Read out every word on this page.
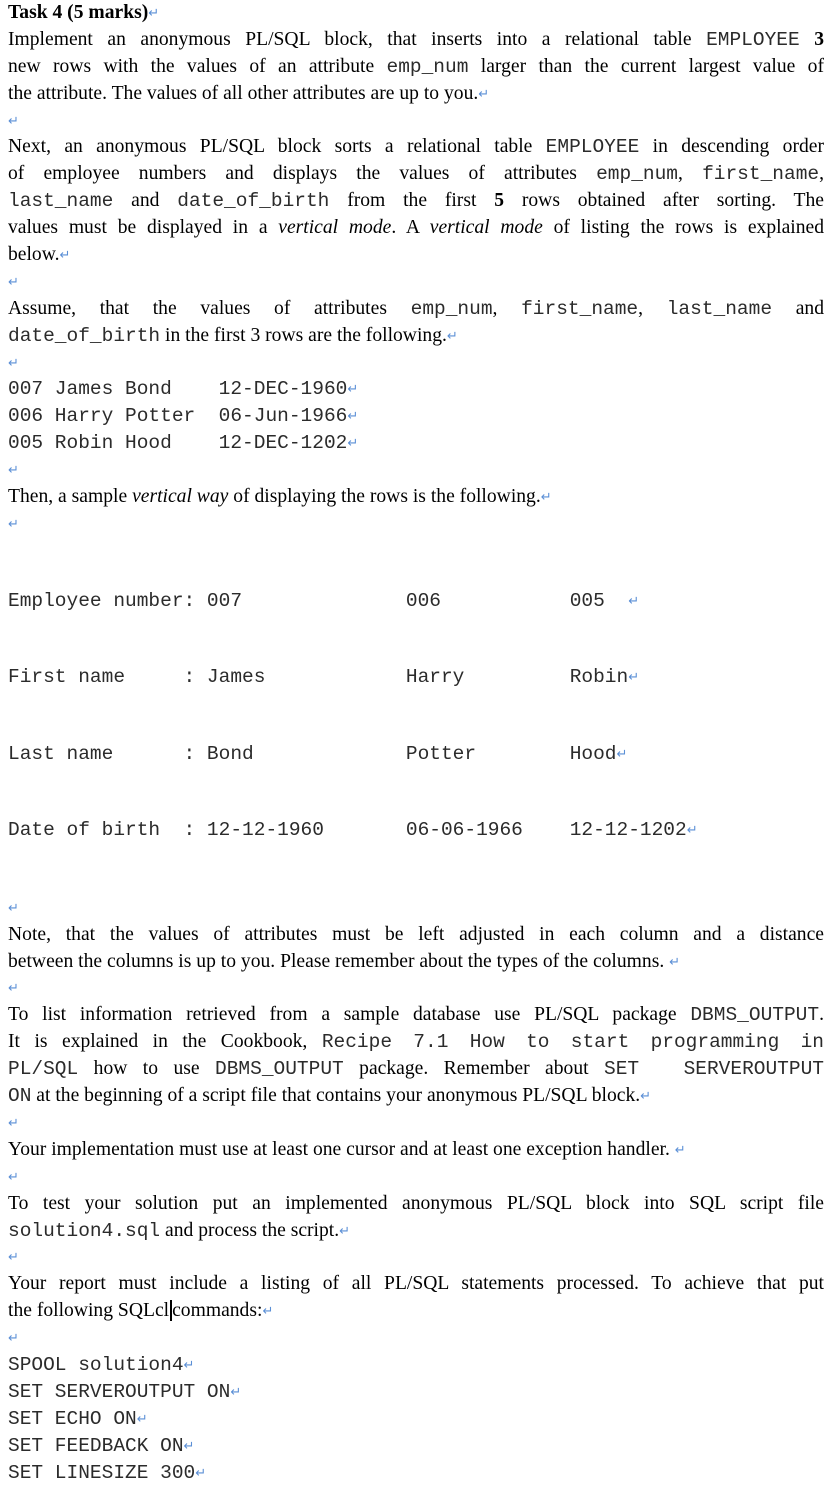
Task 4 (5 marks)↵
Implement an anonymous PL/SQL block, that inserts into a relational table EMPLOYEE 3
new rows with the values of an attribute emp_num larger than the current largest value of
the attribute. The values of all other attributes are up to you.↵
↵
Next, an anonymous PL/SQL block sorts a relational table EMPLOYEE in descending order
of employee numbers and displays the values of attributes emp_num, first_name,
last_name and date_of_birth from the first 5 rows obtained after sorting. The
values must be displayed in a vertical mode. A vertical mode of listing the rows is explained
below.↵
↵
Assume, that the values of attributes emp_num, first_name, last_name and
date_of_birth in the first 3 rows are the following.↵
↵
007 James Bond    12-DEC-1960↵
006 Harry Potter  06-Jun-1966↵
005 Robin Hood    12-DEC-1202↵
↵
Then, a sample vertical way of displaying the rows is the following.↵
↵

Employee number: 007              006           005  ↵

First name     : James            Harry         Robin↵

Last name      : Bond             Potter        Hood↵

Date of birth  : 12-12-1960       06-06-1966    12-12-1202↵

↵
Note, that the values of attributes must be left adjusted in each column and a distance
between the columns is up to you. Please remember about the types of the columns. ↵
↵
To list information retrieved from a sample database use PL/SQL package DBMS_OUTPUT.
It is explained in the Cookbook, Recipe 7.1 How to start programming in
PL/SQL how to use DBMS_OUTPUT package. Remember about SET  SERVEROUTPUT
ON at the beginning of a script file that contains your anonymous PL/SQL block.↵
↵
Your implementation must use at least one cursor and at least one exception handler. ↵
↵
To test your solution put an implemented anonymous PL/SQL block into SQL script file
solution4.sql and process the script.↵
↵
Your report must include a listing of all PL/SQL statements processed. To achieve that put
the following SQLcl commands:↵
↵
SPOOL solution4↵
SET SERVEROUTPUT ON↵
SET ECHO ON↵
SET FEEDBACK ON↵
SET LINESIZE 300↵
